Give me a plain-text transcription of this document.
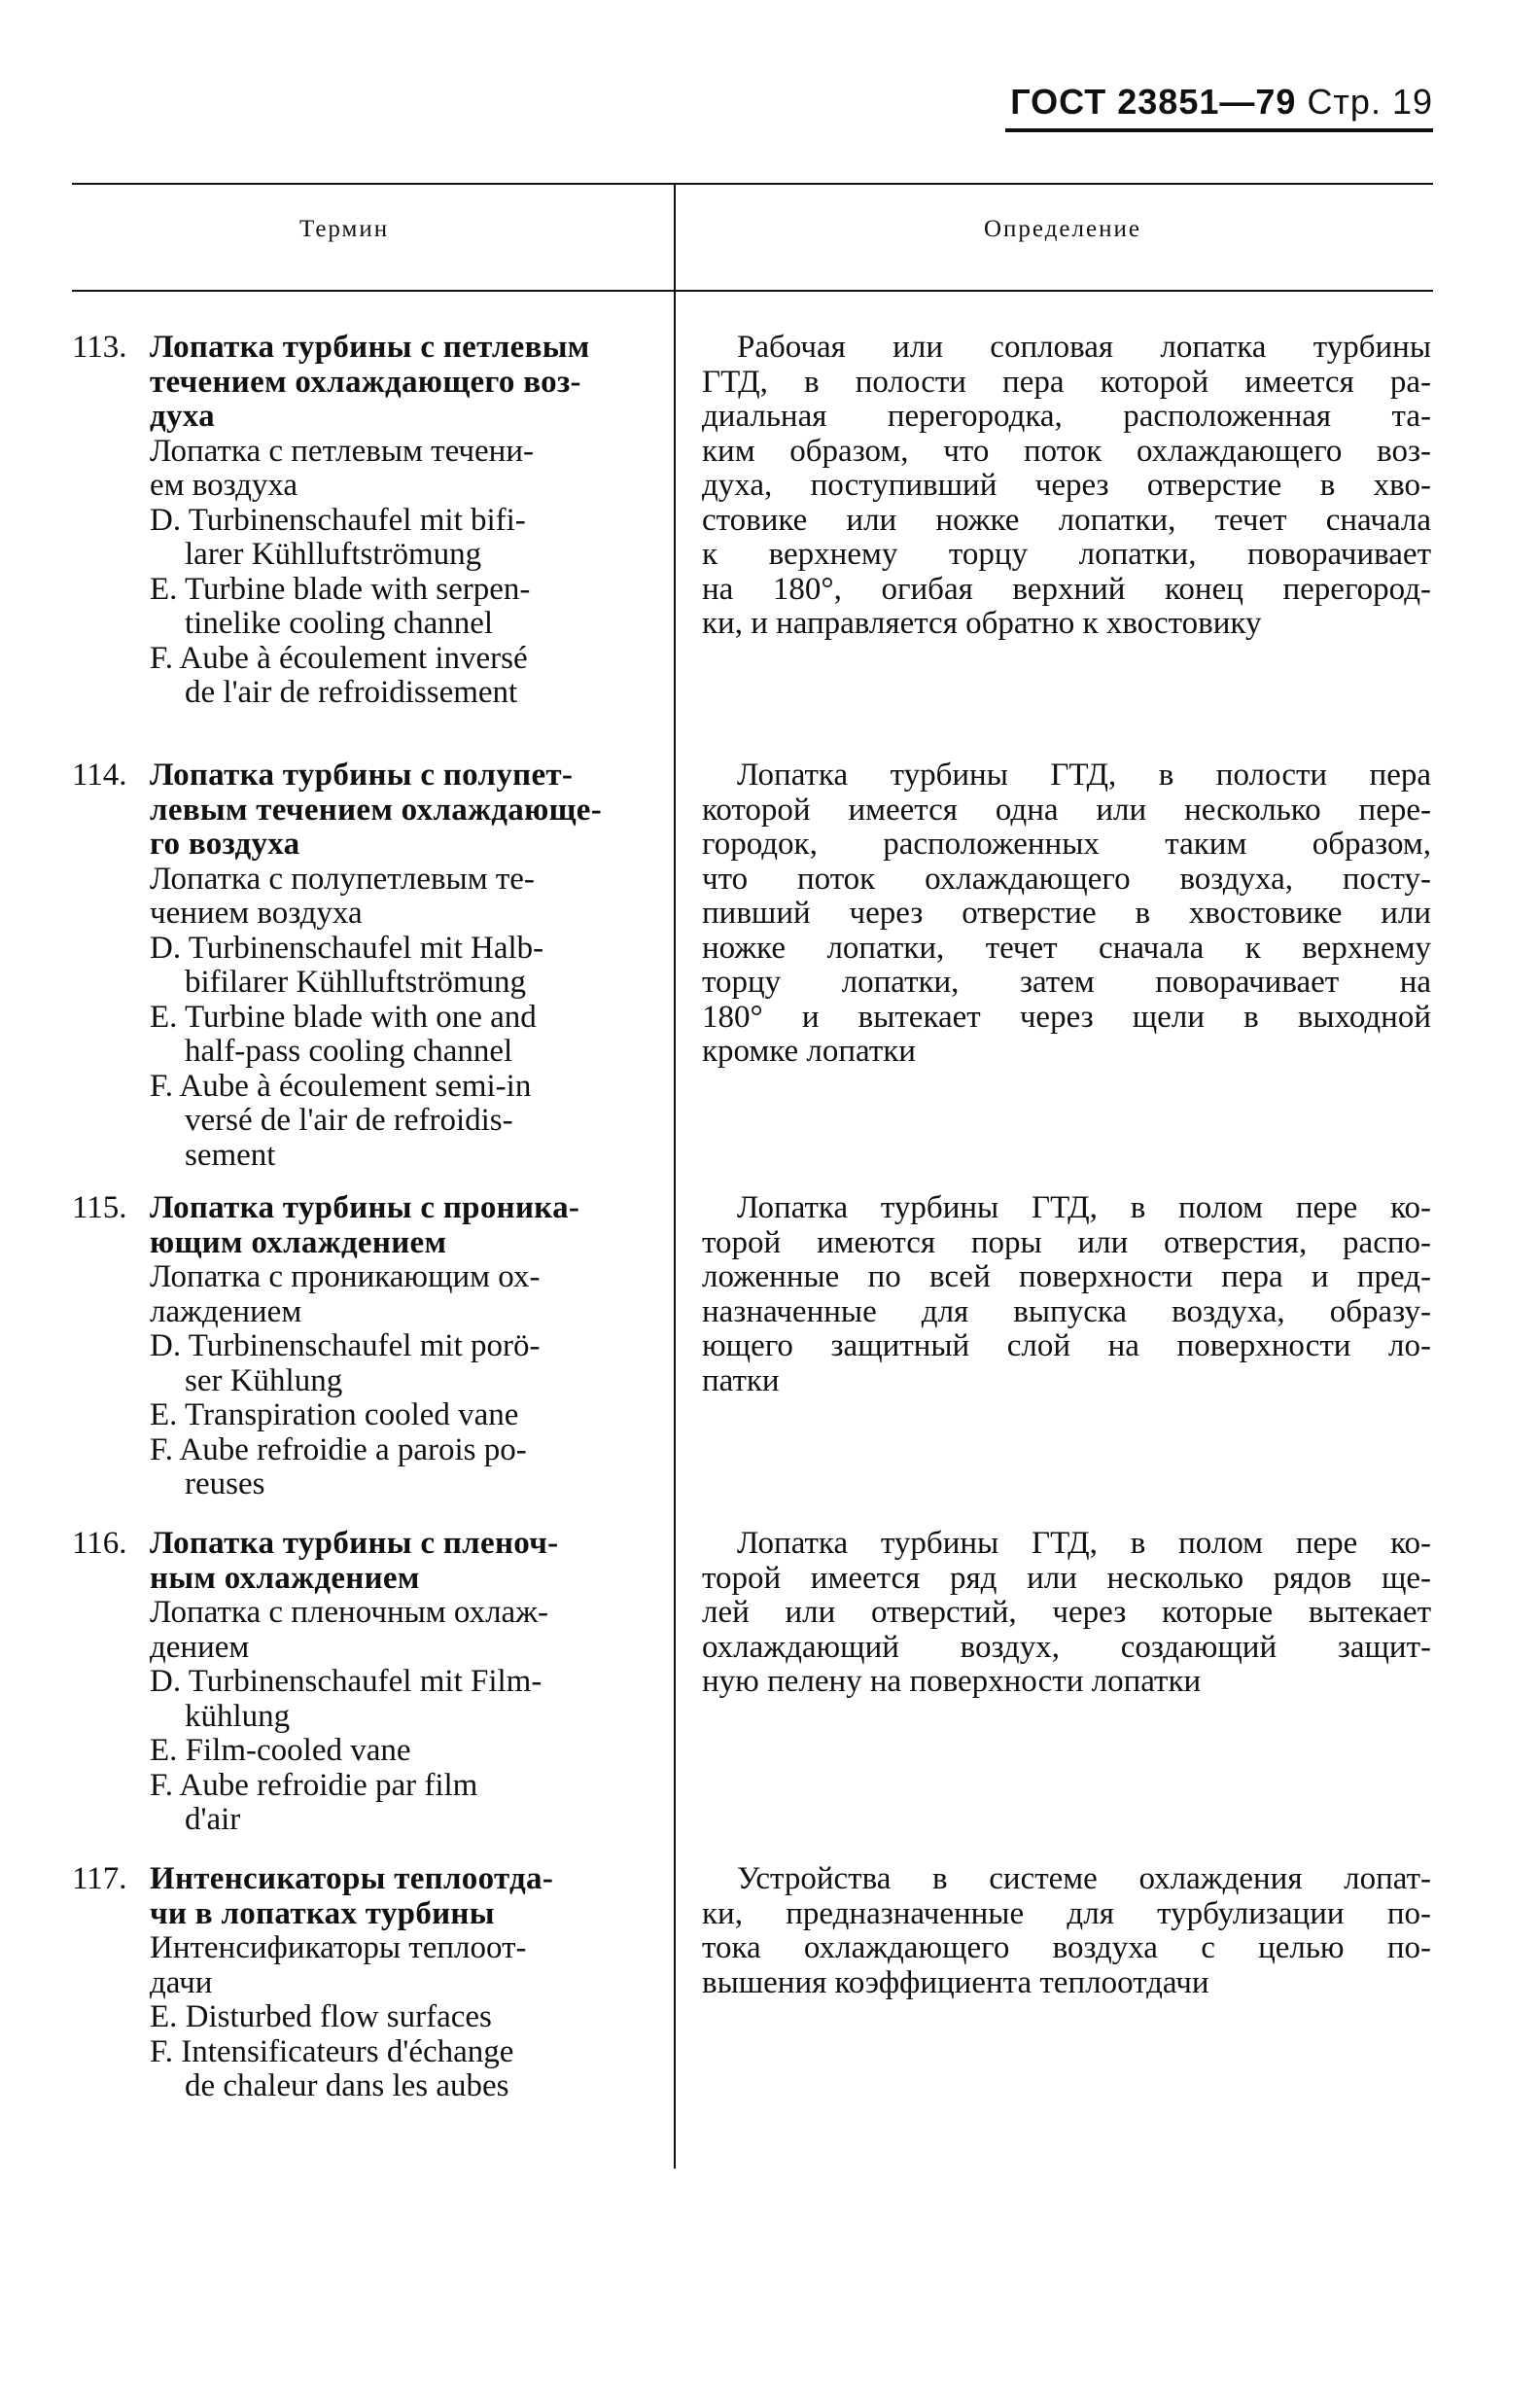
ГОСТ 23851—79 Стр. 19
Термин	Определение
113. Лопатка турбины с петлевым
течением охлаждающего воз-
духа
Лопатка с петлевым течени-
ем воздуха
D. Turbinenschaufel mit bifi-
larer Kühlluftströmung
E. Turbine blade with serpen-
tinelike cooling channel
F. Aube à écoulement inversé
de l'air de refroidissement
Рабочая или сопловая лопатка турбины
ГТД, в полости пера которой имеется ра-
диальная перегородка, расположенная та-
ким образом, что поток охлаждающего воз-
духа, поступивший через отверстие в хво-
стовике или ножке лопатки, течет сначала
к верхнему торцу лопатки, поворачивает
на 180°, огибая верхний конец перегород-
ки, и направляется обратно к хвостовику
114. Лопатка турбины с полупет-
левым течением охлаждающе-
го воздуха
Лопатка с полупетлевым те-
чением воздуха
D. Turbinenschaufel mit Halb-
bifilarer Kühlluftströmung
E. Turbine blade with one and
half-pass cooling channel
F. Aube à écoulement semi-in
versé de l'air de refroidis-
sement
Лопатка турбины ГТД, в полости пера
которой имеется одна или несколько пере-
городок, расположенных таким образом,
что поток охлаждающего воздуха, посту-
пивший через отверстие в хвостовике или
ножке лопатки, течет сначала к верхнему
торцу лопатки, затем поворачивает на
180° и вытекает через щели в выходной
кромке лопатки
115. Лопатка турбины с проника-
ющим охлаждением
Лопатка с проникающим ох-
лаждением
D. Turbinenschaufel mit porö-
ser Kühlung
E. Transpiration cooled vane
F. Aube refroidie a parois po-
reuses
Лопатка турбины ГТД, в полом пере ко-
торой имеются поры или отверстия, распо-
ложенные по всей поверхности пера и пред-
назначенные для выпуска воздуха, образу-
ющего защитный слой на поверхности ло-
патки
116. Лопатка турбины с пленоч-
ным охлаждением
Лопатка с пленочным охлаж-
дением
D. Turbinenschaufel mit Film-
kühlung
E. Film-cooled vane
F. Aube refroidie par film
d'air
Лопатка турбины ГТД, в полом пере ко-
торой имеется ряд или несколько рядов ще-
лей или отверстий, через которые вытекает
охлаждающий воздух, создающий защит-
ную пелену на поверхности лопатки
117. Интенсикаторы теплоотда-
чи в лопатках турбины
Интенсификаторы теплоот-
дачи
E. Disturbed flow surfaces
F. Intensificateurs d'échange
de chaleur dans les aubes
Устройства в системе охлаждения лопат-
ки, предназначенные для турбулизации по-
тока охлаждающего воздуха с целью по-
вышения коэффициента теплоотдачи
